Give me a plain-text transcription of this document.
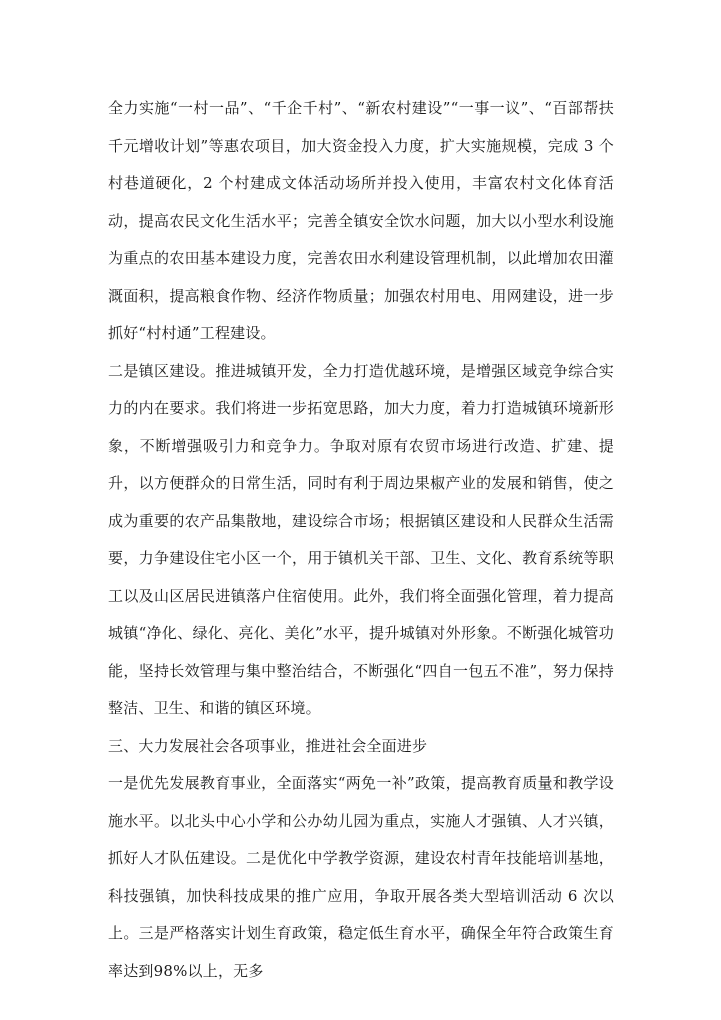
全力实施“一村一品”、“千企千村”、“新农村建设”“一事一议”、“百部帮扶千元增收计划”等惠农项目，加大资金投入力度，扩大实施规模，完成 3 个村巷道硬化，2 个村建成文体活动场所并投入使用，丰富农村文化体育活动，提高农民文化生活水平；完善全镇安全饮水问题，加大以小型水利设施为重点的农田基本建设力度，完善农田水利建设管理机制，以此增加农田灌溉面积，提高粮食作物、经济作物质量；加强农村用电、用网建设，进一步抓好“村村通”工程建设。

二是镇区建设。推进城镇开发，全力打造优越环境，是增强区域竞争综合实力的内在要求。我们将进一步拓宽思路，加大力度，着力打造城镇环境新形象，不断增强吸引力和竞争力。争取对原有农贸市场进行改造、扩建、提升，以方便群众的日常生活，同时有利于周边果椒产业的发展和销售，使之成为重要的农产品集散地，建设综合市场；根据镇区建设和人民群众生活需要，力争建设住宅小区一个，用于镇机关干部、卫生、文化、教育系统等职工以及山区居民进镇落户住宿使用。此外，我们将全面强化管理，着力提高城镇“净化、绿化、亮化、美化”水平，提升城镇对外形象。不断强化城管功能，坚持长效管理与集中整治结合，不断强化“四自一包五不准”，努力保持整洁、卫生、和谐的镇区环境。

三、大力发展社会各项事业，推进社会全面进步

一是优先发展教育事业，全面落实“两免一补”政策，提高教育质量和教学设施水平。以北头中心小学和公办幼儿园为重点，实施人才强镇、人才兴镇，抓好人才队伍建设。二是优化中学教学资源，建设农村青年技能培训基地，科技强镇，加快科技成果的推广应用，争取开展各类大型培训活动 6 次以上。三是严格落实计划生育政策，稳定低生育水平，确保全年符合政策生育率达到98%以上，无多
